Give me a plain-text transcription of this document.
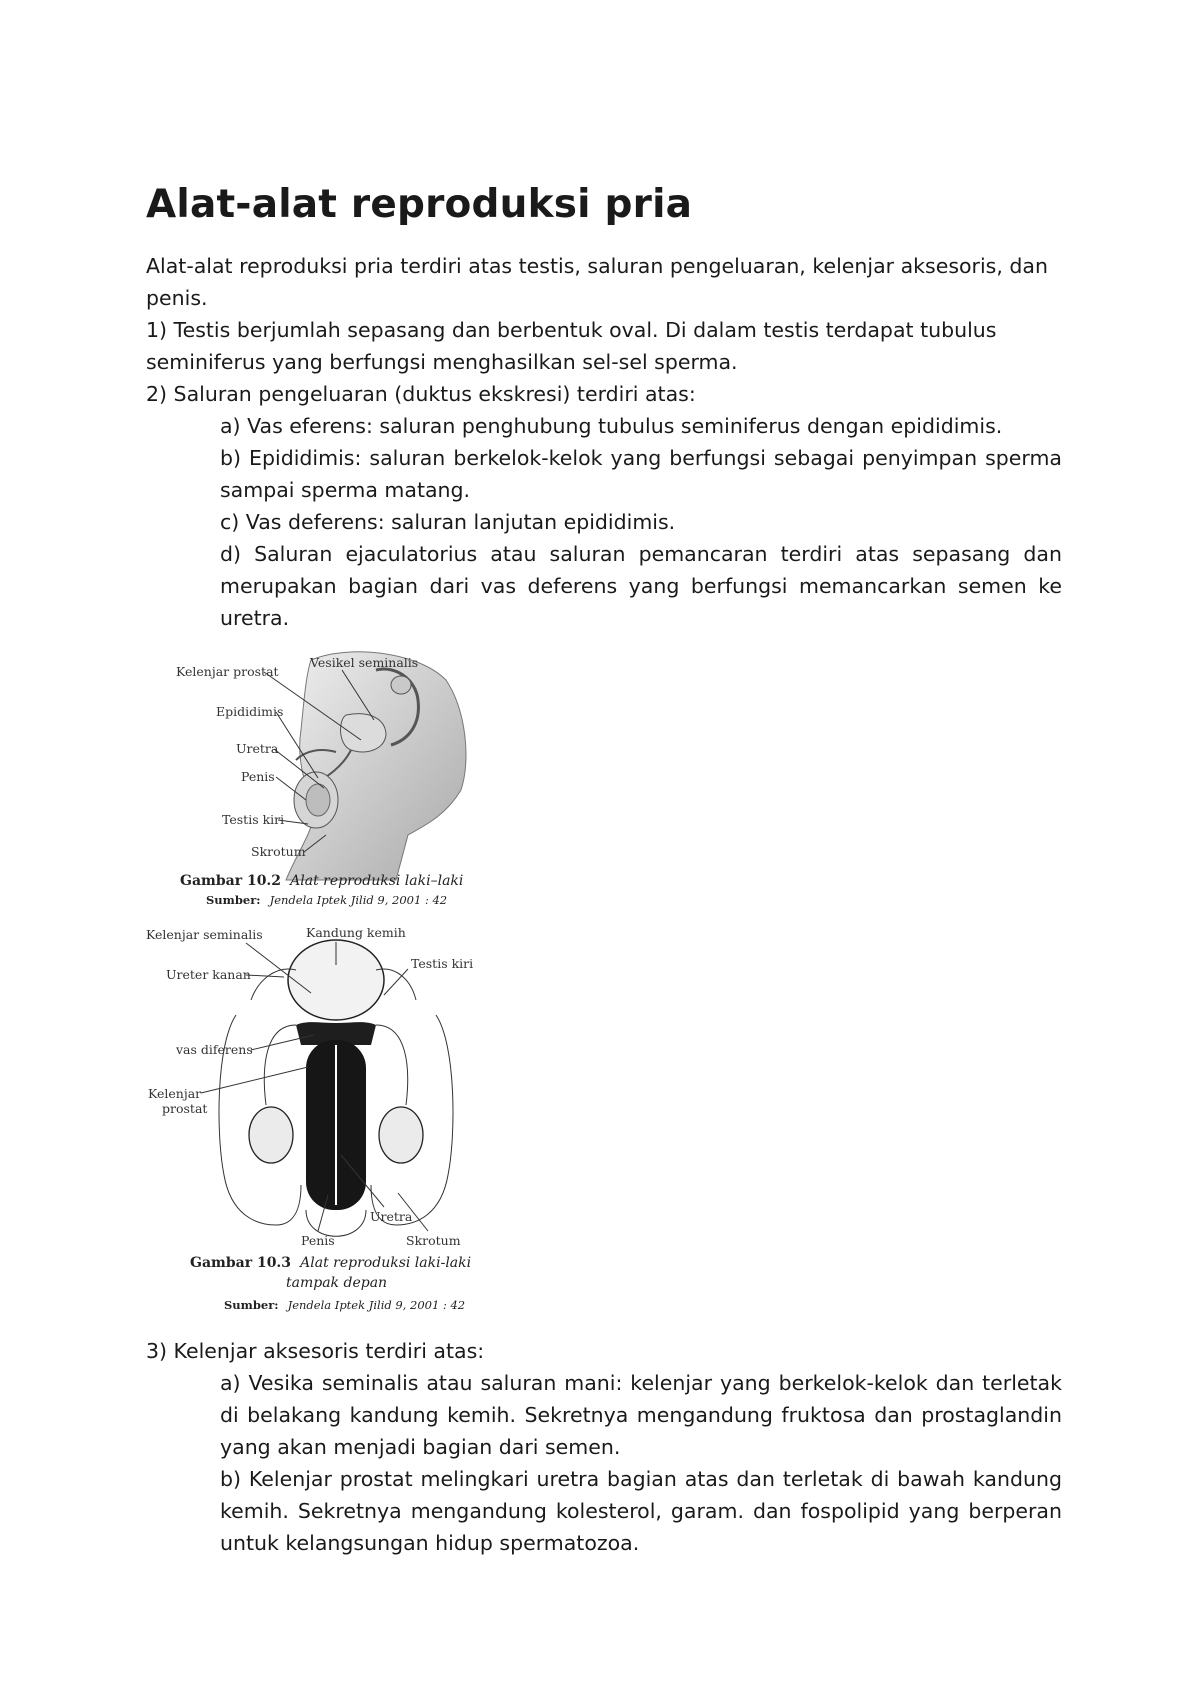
Alat-alat reproduksi pria

Alat-alat reproduksi pria terdiri atas testis, saluran pengeluaran, kelenjar aksesoris, dan penis.

1) Testis berjumlah sepasang dan berbentuk oval. Di dalam testis terdapat tubulus seminiferus yang berfungsi menghasilkan sel-sel sperma.

2) Saluran pengeluaran (duktus ekskresi) terdiri atas:

a) Vas eferens: saluran penghubung tubulus seminiferus dengan epididimis.

b) Epididimis: saluran berkelok-kelok yang berfungsi sebagai penyimpan sperma sampai sperma matang.

c) Vas deferens: saluran lanjutan epididimis.

d) Saluran ejaculatorius atau saluran pemancaran terdiri atas sepasang dan merupakan bagian dari vas deferens yang berfungsi memancarkan semen ke uretra.

Kelenjar prostat
Vesikel seminalis
Epididimis
Uretra
Penis
Testis kiri
Skrotum
Gambar 10.2 Alat reproduksi laki–laki
Sumber: Jendela Iptek Jilid 9, 2001 : 42
Kelenjar seminalis	Kandung kemih
Testis kiri
Ureter kanan
vas diferens
Kelenjar
prostat
Uretra
Penis	Skrotum
Gambar 10.3 Alat reproduksi laki-laki
tampak depan
Sumber: Jendela Iptek Jilid 9, 2001 : 42

3) Kelenjar aksesoris terdiri atas:

a) Vesika seminalis atau saluran mani: kelenjar yang berkelok-kelok dan terletak di belakang kandung kemih. Sekretnya mengandung fruktosa dan prostaglandin yang akan menjadi bagian dari semen.

b) Kelenjar prostat melingkari uretra bagian atas dan terletak di bawah kandung kemih. Sekretnya mengandung kolesterol, garam. dan fospolipid yang berperan untuk kelangsungan hidup spermatozoa.
